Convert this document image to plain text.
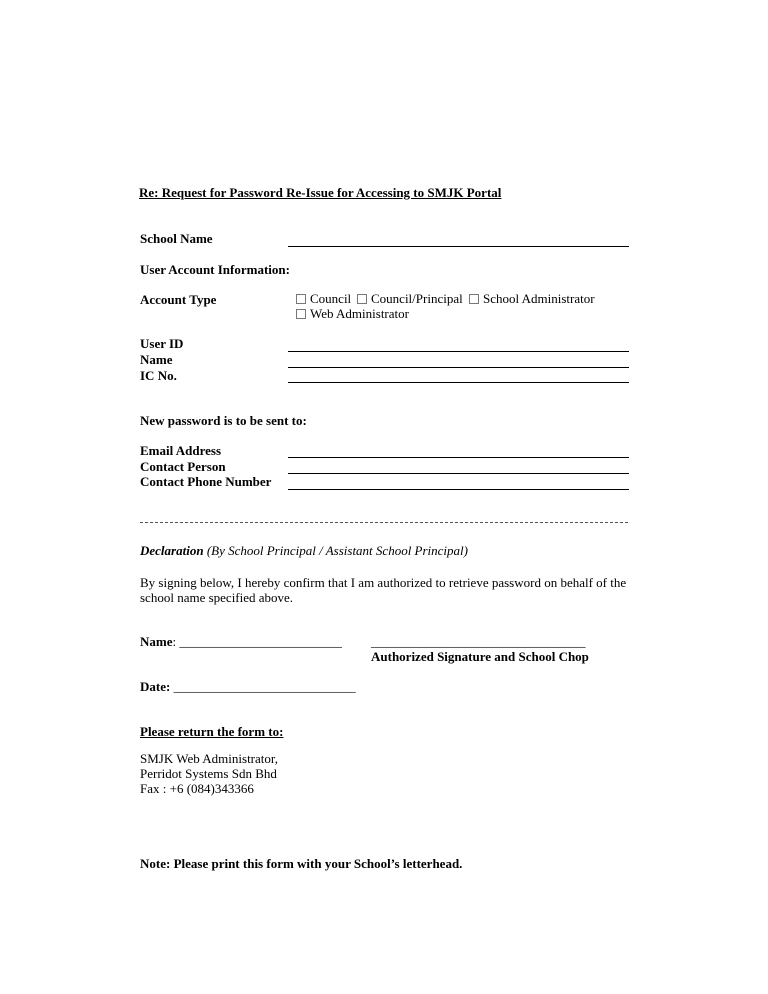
Re: Request for Password Re-Issue for Accessing to SMJK Portal
School Name
User Account Information:
Account Type	Council	Council/Principal	School Administrator
Web Administrator
User ID
Name
IC No.
New password is to be sent to:
Email Address
Contact Person
Contact Phone Number
Declaration (By School Principal / Assistant School Principal)
By signing below, I hereby confirm that I am authorized to retrieve password on behalf of the
school name specified above.
Name: _________________________ _________________________________
Authorized Signature and School Chop
Date: ____________________________
Please return the form to:
SMJK Web Administrator,
Perridot Systems Sdn Bhd
Fax : +6 (084)343366
Note: Please print this form with your School’s letterhead.
